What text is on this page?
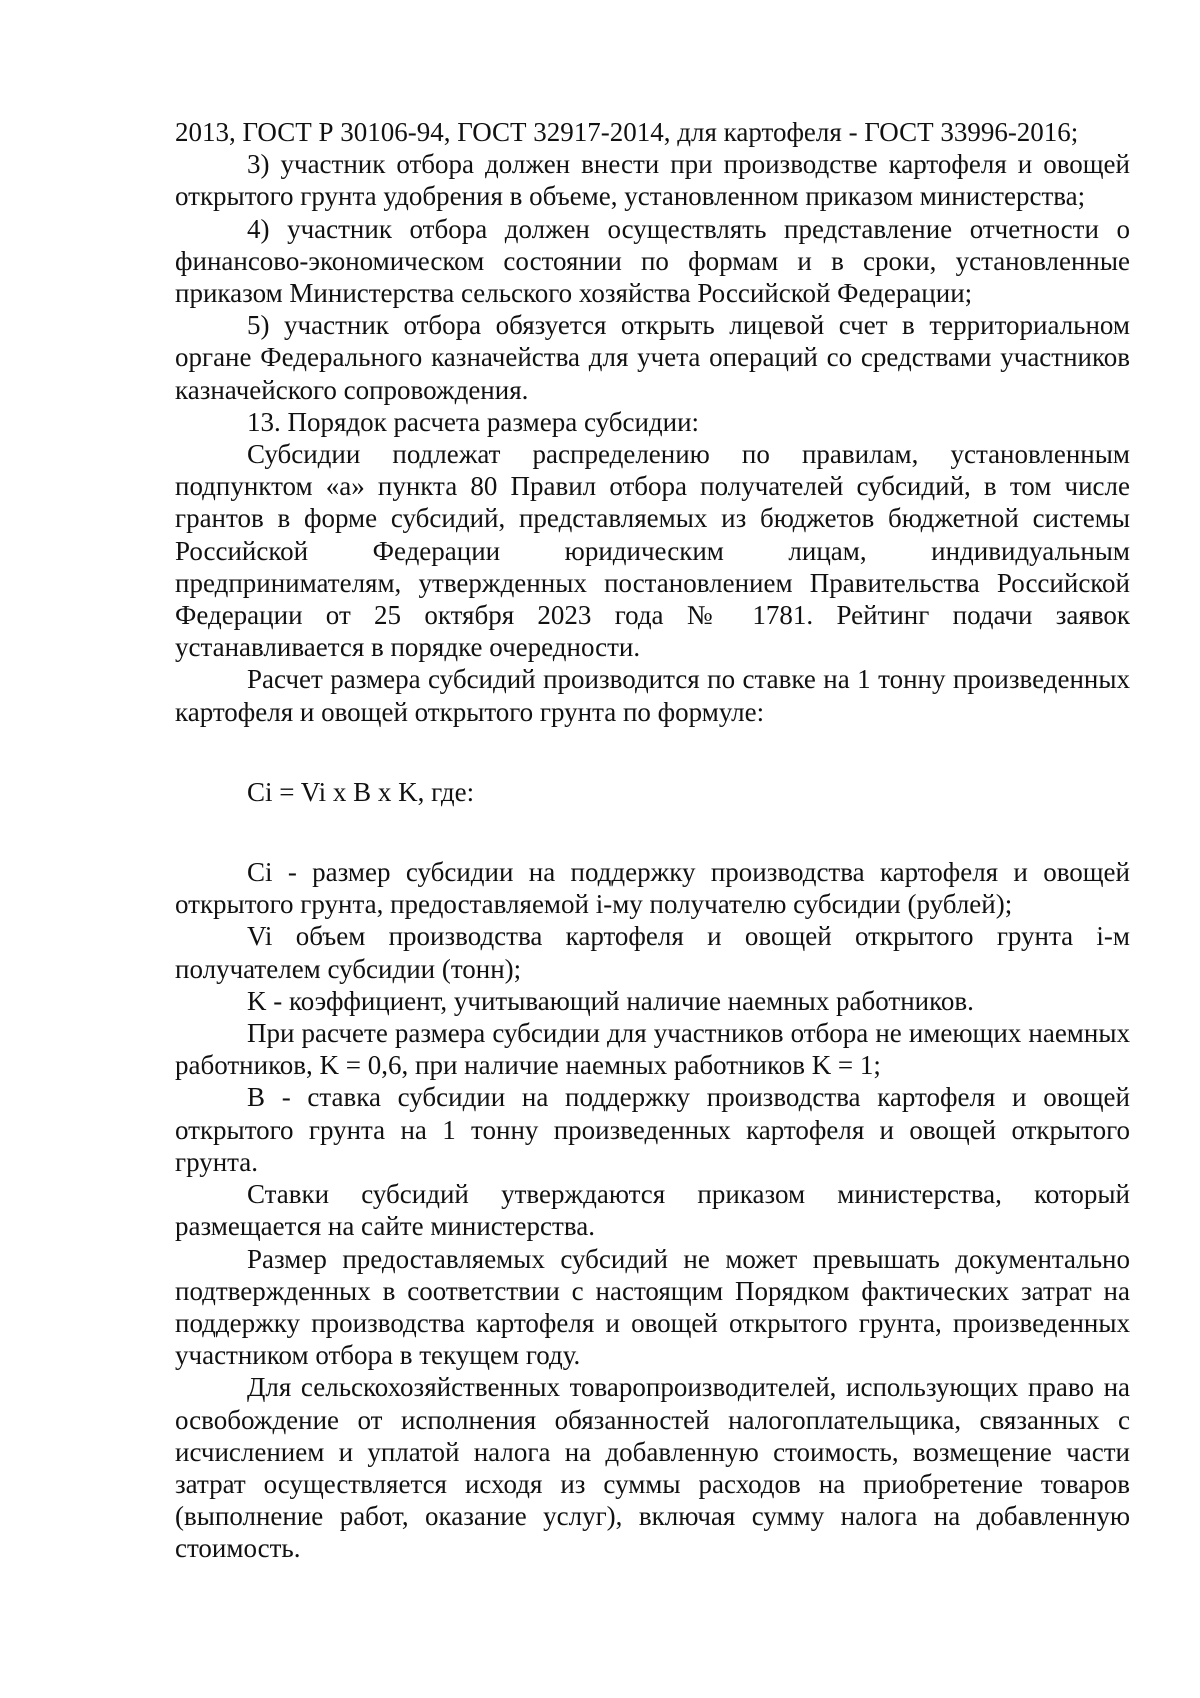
2013, ГОСТ Р 30106-94, ГОСТ 32917-2014, для картофеля - ГОСТ 33996-2016;

3) участник отбора должен внести при производстве картофеля и овощей открытого грунта удобрения в объеме, установленном приказом министерства;

4) участник отбора должен осуществлять представление отчетности о финансово-экономическом состоянии по формам и в сроки, установленные приказом Министерства сельского хозяйства Российской Федерации;

5) участник отбора обязуется открыть лицевой счет в территориальном органе Федерального казначейства для учета операций со средствами участников казначейского сопровождения.

13. Порядок расчета размера субсидии:

Субсидии подлежат распределению по правилам, установленным подпунктом «а» пункта 80 Правил отбора получателей субсидий, в том числе грантов в форме субсидий, представляемых из бюджетов бюджетной системы Российской Федерации юридическим лицам, индивидуальным предпринимателям, утвержденных постановлением Правительства Российской Федерации от 25 октября 2023 года № 1781. Рейтинг подачи заявок устанавливается в порядке очередности.

Расчет размера субсидий производится по ставке на 1 тонну произведенных картофеля и овощей открытого грунта по формуле:

Ci = Vi x B x K, где:

Ci - размер субсидии на поддержку производства картофеля и овощей открытого грунта, предоставляемой i-му получателю субсидии (рублей);

Vi объем производства картофеля и овощей открытого грунта i-м получателем субсидии (тонн);

K - коэффициент, учитывающий наличие наемных работников.

При расчете размера субсидии для участников отбора не имеющих наемных работников, K = 0,6, при наличие наемных работников K = 1;

B - ставка субсидии на поддержку производства картофеля и овощей открытого грунта на 1 тонну произведенных картофеля и овощей открытого грунта.

Ставки субсидий утверждаются приказом министерства, который размещается на сайте министерства.

Размер предоставляемых субсидий не может превышать документально подтвержденных в соответствии с настоящим Порядком фактических затрат на поддержку производства картофеля и овощей открытого грунта, произведенных участником отбора в текущем году.

Для сельскохозяйственных товаропроизводителей, использующих право на освобождение от исполнения обязанностей налогоплательщика, связанных с исчислением и уплатой налога на добавленную стоимость, возмещение части затрат осуществляется исходя из суммы расходов на приобретение товаров (выполнение работ, оказание услуг), включая сумму налога на добавленную стоимость.
